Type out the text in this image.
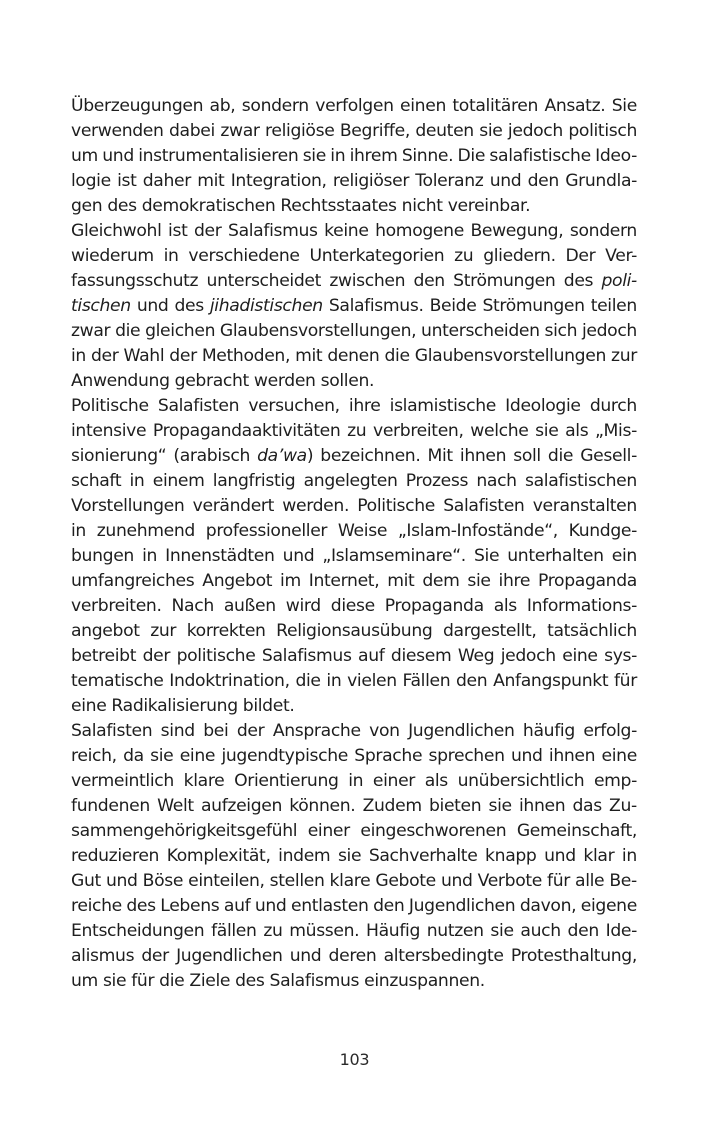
Überzeugungen ab, sondern verfolgen einen totalitären Ansatz. Sie
verwenden dabei zwar religiöse Begriffe, deuten sie jedoch politisch
um und instrumentalisieren sie in ihrem Sinne. Die salafistische Ideo-
logie ist daher mit Integration, religiöser Toleranz und den Grundla-
gen des demokratischen Rechtsstaates nicht vereinbar.
Gleichwohl ist der Salafismus keine homogene Bewegung, sondern
wiederum in verschiedene Unterkategorien zu gliedern. Der Ver-
fassungsschutz unterscheidet zwischen den Strömungen des poli-
tischen und des jihadistischen Salafismus. Beide Strömungen teilen
zwar die gleichen Glaubensvorstellungen, unterscheiden sich jedoch
in der Wahl der Methoden, mit denen die Glaubensvorstellungen zur
Anwendung gebracht werden sollen.
Politische Salafisten versuchen, ihre islamistische Ideologie durch
intensive Propagandaaktivitäten zu verbreiten, welche sie als „Mis-
sionierung“ (arabisch da’wa) bezeichnen. Mit ihnen soll die Gesell-
schaft in einem langfristig angelegten Prozess nach salafistischen
Vorstellungen verändert werden. Politische Salafisten veranstalten
in zunehmend professioneller Weise „Islam-Infostände“, Kundge-
bungen in Innenstädten und „Islamseminare“. Sie unterhalten ein
umfangreiches Angebot im Internet, mit dem sie ihre Propaganda
verbreiten. Nach außen wird diese Propaganda als Informations-
angebot zur korrekten Religionsausübung dargestellt, tatsächlich
betreibt der politische Salafismus auf diesem Weg jedoch eine sys-
tematische Indoktrination, die in vielen Fällen den Anfangspunkt für
eine Radikalisierung bildet.
Salafisten sind bei der Ansprache von Jugendlichen häufig erfolg-
reich, da sie eine jugendtypische Sprache sprechen und ihnen eine
vermeintlich klare Orientierung in einer als unübersichtlich emp-
fundenen Welt aufzeigen können. Zudem bieten sie ihnen das Zu-
sammengehörigkeitsgefühl einer eingeschworenen Gemeinschaft,
reduzieren Komplexität, indem sie Sachverhalte knapp und klar in
Gut und Böse einteilen, stellen klare Gebote und Verbote für alle Be-
reiche des Lebens auf und entlasten den Jugendlichen davon, eigene
Entscheidungen fällen zu müssen. Häufig nutzen sie auch den Ide-
alismus der Jugendlichen und deren altersbedingte Protesthaltung,
um sie für die Ziele des Salafismus einzuspannen.
103
